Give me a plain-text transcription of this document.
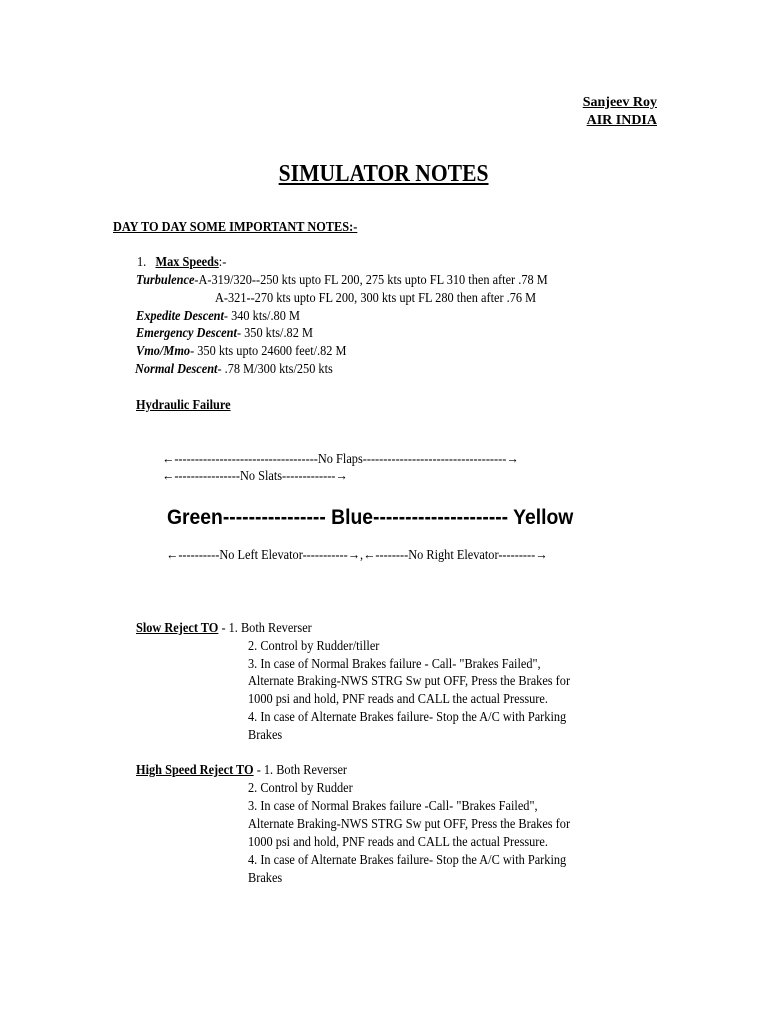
Sanjeev Roy
AIR INDIA
SIMULATOR NOTES
DAY TO DAY SOME IMPORTANT NOTES:-
1. Max Speeds:-
Turbulence-A-319/320--250 kts upto FL 200, 275 kts upto FL 310 then after .78 M
A-321--270 kts upto FL 200, 300 kts upt FL 280 then after .76 M
Expedite Descent- 340 kts/.80 M
Emergency Descent- 350 kts/.82 M
Vmo/Mmo- 350 kts upto 24600 feet/.82 M
Normal Descent- .78 M/300 kts/250 kts
Hydraulic Failure
←-----------------------------------No Flaps-----------------------------------→
←----------------No Slats-------------→
Green---------------- Blue--------------------- Yellow
←----------No Left Elevator-----------→,←--------No Right Elevator---------→
Slow Reject TO - 1. Both Reverser
2. Control by Rudder/tiller
3. In case of Normal Brakes failure - Call- "Brakes Failed",
Alternate Braking-NWS STRG Sw put OFF, Press the Brakes for
1000 psi and hold, PNF reads and CALL the actual Pressure.
4. In case of Alternate Brakes failure- Stop the A/C with Parking
Brakes
High Speed Reject TO - 1. Both Reverser
2. Control by Rudder
3. In case of Normal Brakes failure -Call- "Brakes Failed",
Alternate Braking-NWS STRG Sw put OFF, Press the Brakes for
1000 psi and hold, PNF reads and CALL the actual Pressure.
4. In case of Alternate Brakes failure- Stop the A/C with Parking
Brakes
